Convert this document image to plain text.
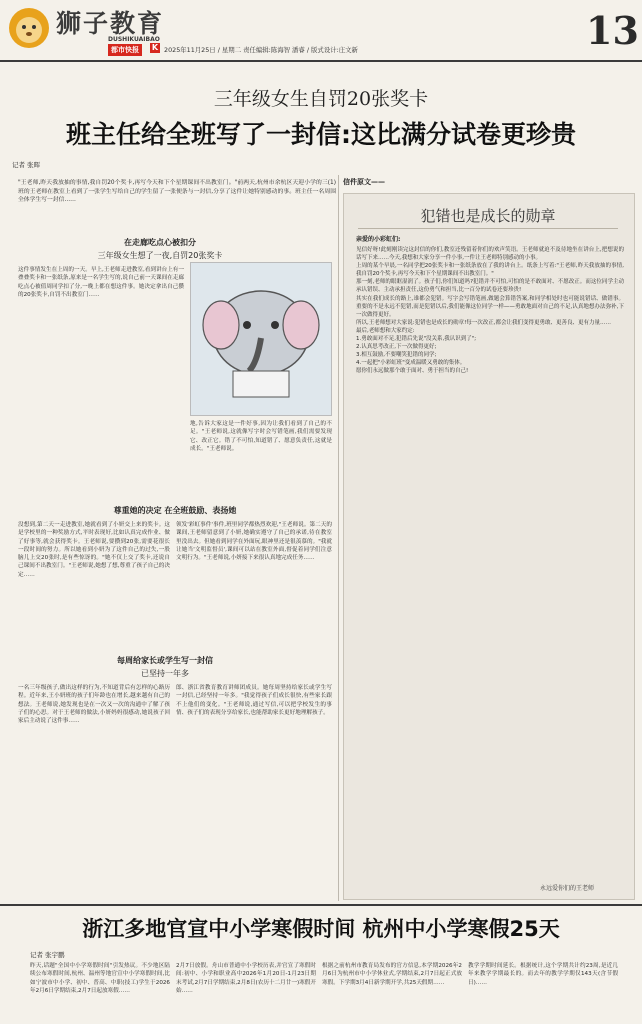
狮子教育
DUSHIKUAIBAO
都市快报	K 2025年11月25日 / 星期二 责任编辑:陈海智 潘睿 / 版式设计:庄文新	13
三年级女生自罚20张奖卡
班主任给全班写了一封信:这比满分试卷更珍贵
记者 张晖
"王老师,昨天我放抽的事情,我自罚20个奖卡,再写今天和下个星期课间不出教室门。"前两天,杭州市余杭区天迎小学的三(1)班的王老师在教室上看到了一张学生写给自己的学生留了一张便条与一封信,分享了这件让她特别感动的事。班主任一名周围全体学生写一封信……
在走廊吃点心被扣分
三年级女生想了一夜,自罚20张奖卡
这件事情发生在上周的一天。早上,王老师走进教室,看到讲台上有一叠叠奖卡和一张纸条,原来是一名学生写的,说自己前一天课间在走廊吃点心被值周同学扣了分,一晚上都在想这件事。她决定拿出自己攒的20张奖卡,自罚不出教室门……
地,告诉大家这是一件好事,因为让我们看到了自己的不足。"王老师说,这就像写字时会写错笔画,我们需要发现它、改正它。错了不可怕,知道错了、愿意负责任,这就是成长。"王老师说。
尊重她的决定 在全班鼓励、表扬她
没想到,第二天一走进教室,她就看到了小妍交上来的奖卡。这是学校里的一种奖励方式,平时表现好,比如认真完成作业、做了好事等,就会获得奖卡。王老师说,要攒到20张,需要花很长一段时间的努力。所以她看到小妍为了这件自己的过失,一股脑儿上交20张时,是有些惊讶的。"她不仅上交了奖卡,还说自己课间不出教室门。"王老师说,她想了想,尊重了孩子自己的决定……
领发'彩虹事件'事件,班里同学都热烈欢迎,"王老师说。第二天的课间,王老师留意到了小妍,她确实遵守了自己的承诺,待在教室里没出去。但她看到同学在外面玩,眼神里还是很羡慕的。"我就让她当'文明监督员',课间可以站在教室外面,督促着同学们注意文明行为。"王老师说,小妍接下来很认真地完成任务……
每周给家长或学生写一封信
已坚持一年多
一名三年级孩子,做出这样的行为,不知道背后有怎样的心路历程。近年来,王小妍班的孩子们年龄也在增长,越来越有自己的想法。王老师说,她发现也是在一次又一次的沟通中了解了孩子们的心思。对于王老师的做法,小妍妈妈很感动,她说孩子回家后主动说了这件事……
郎、浙江省教育教育讲师团成员。她每周坚持给家长或学生写一封信,已经坚持一年多。"我觉得孩子们成长很快,有些家长跟不上他们的变化。"王老师说,通过写信,可以把学校发生的事情、孩子们的表现分享给家长,也能帮助家长更好地理解孩子。
信件原文——
犯错也是成长的勋章
亲爱的小彩虹们:
见信好呀!此刻刚读完这封信的你们,教室还残留着你们的欢声笑语。王老师就迫不及待地坐在讲台上,把想说的话写下来……今天,我想和大家分享一件小事,一件让王老师特别感动的小事。
上周的某个早晨,一名同学把20张奖卡和一张纸条放在了我的讲台上。纸条上写着:"王老师,昨天我放抽的事情,我自罚20个奖卡,再写今天和下个星期课间不出教室门。"
那一刻,老师的眼眶湿润了。孩子们,你们知道吗?犯错并不可怕,可怕的是不敢面对、不愿改正。而这位同学主动承认错误、主动承担责任,这份勇气和担当,比一百分的试卷还要珍贵!
其实在我们成长的路上,谁都会犯错。写字会写错笔画,做题会算错答案,和同学相处时也可能说错话、做错事。重要的不是永远不犯错,而是犯错以后,我们能像这位同学一样——勇敢地面对自己的不足,认真地想办法弥补,下一次做得更好。
所以,王老师想对大家说:犯错也是成长的勋章!每一次改正,都会让我们变得更勇敢、更善良、更有力量……
最后,老师想和大家约定:
1.勇敢面对不足,犯错后先说"没关系,我认识到了";
2.认真思考改正,下一次做得更好;
3.相互鼓励,不要嘲笑犯错的同学;
4.一起把"小彩虹班"变成温暖又勇敢的集体。
愿你们永远做那个敢于面对、勇于担当的自己!
永远爱你们的王老师
浙江多地官宣中小学寒假时间 杭州中小学寒假25天
记者 张宇鹏
昨天,话题"全国中小学寒假时间"引发热议。不少地区陆续公布寒假时间,杭州、温州等地官宣中小学寒假时间,比如宁波市中小学、初中、普高、中职(技工)学生于2026年2月6日学期结束,2月7日起放寒假……
2月7日放假。舟山市普通中小学校历表,并官宣了寒假时间:初中、小学和职业高中2026年1月20日-1月23日期末考试,2月7日学期结束,2月8日(农历十二月廿一)寒假开始……
根据之前杭州市教育局发布的官方信息,本学期2026年2月6日为杭州市中小学休业式,学期结束,2月7日起正式放寒假。下学期3月4日新学期开学,共25天假期……
教学学期时间延长。根据统计,这个学期共计约23周,是近几年来教学学期最长的。而去年的教学学期仅143天(含节假日)……
